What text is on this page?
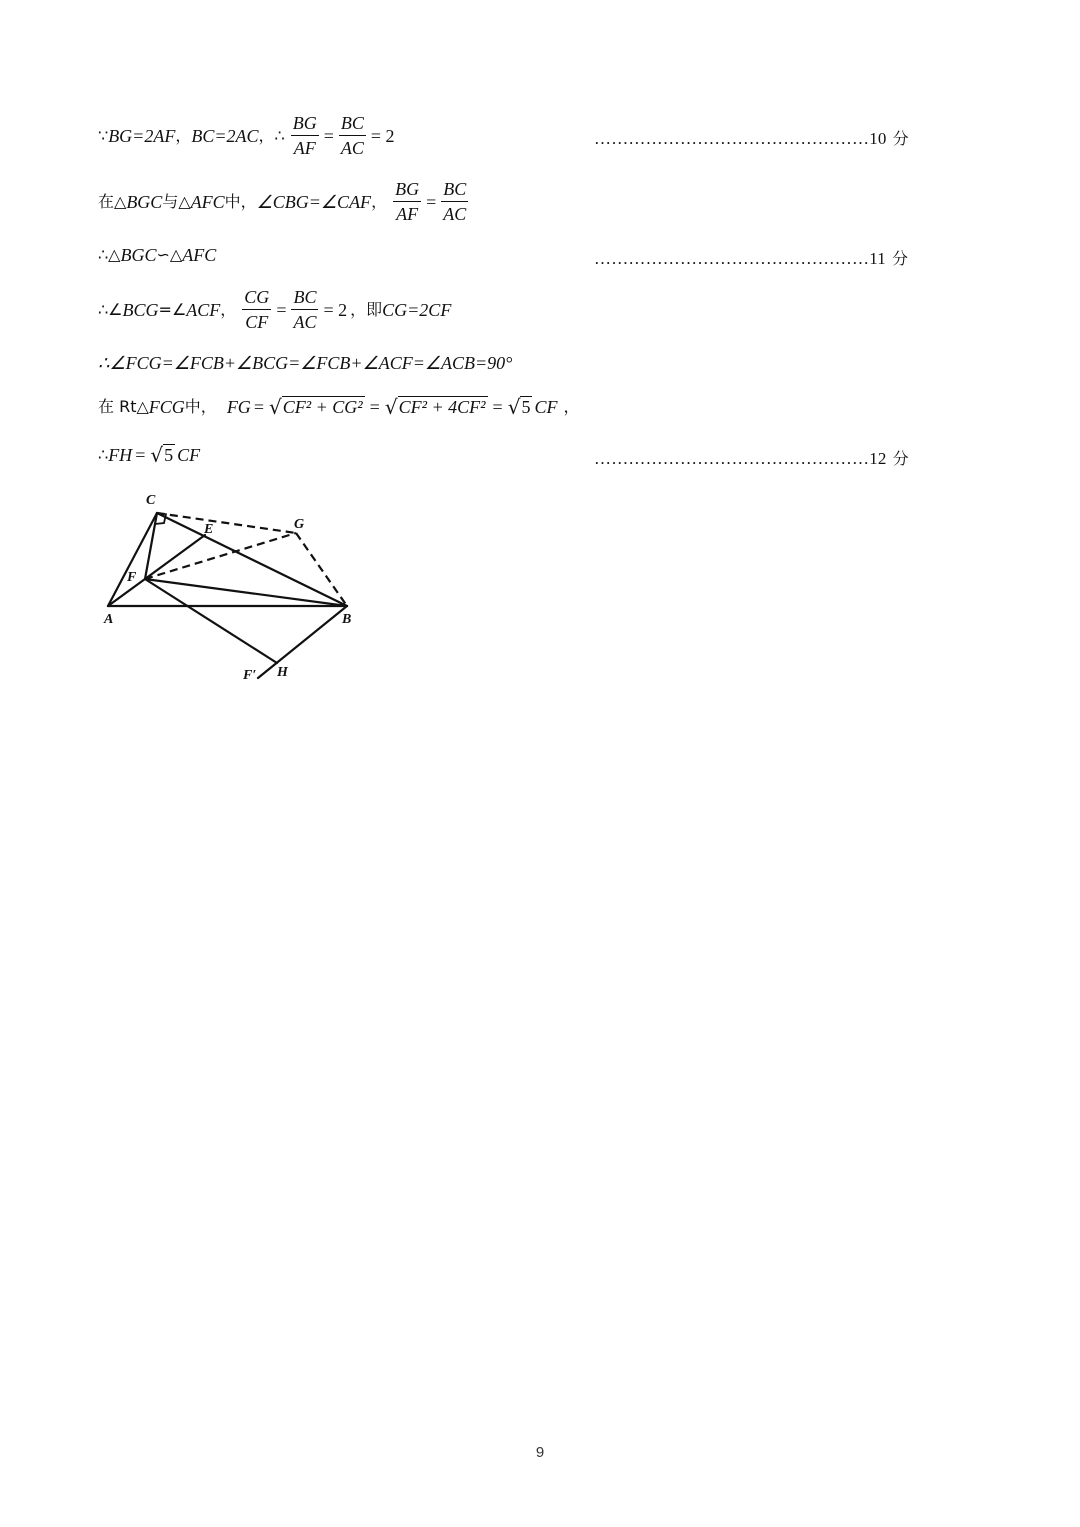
∵ BG=2AF ， BC=2AC ， ∴ $\frac{BG}{AF} = \frac{BC}{AC} = 2$	…………………………………………10 分
在△ BGC 与△ AFC 中， ∠CBG=∠CAF ， $\frac{BG}{AF} = \frac{BC}{AC}$
∴△ BGC ∽△ AFC	…………………………………………11 分
∴∠ BCG =∠ ACF ， $\frac{CG}{CF} = \frac{BC}{AC} = 2$ ，即 CG=2CF
∴∠FCG=∠FCB+∠BCG=∠FCB+∠ACF=∠ACB=90°
在 Rt△ FCG 中， FG = √ CF² + CG² = √ CF² + 4CF² = √ 5 CF ，
∴ FH = √ 5 CF	…………………………………………12 分
C
E	G
F
A	B
F′ H
9
